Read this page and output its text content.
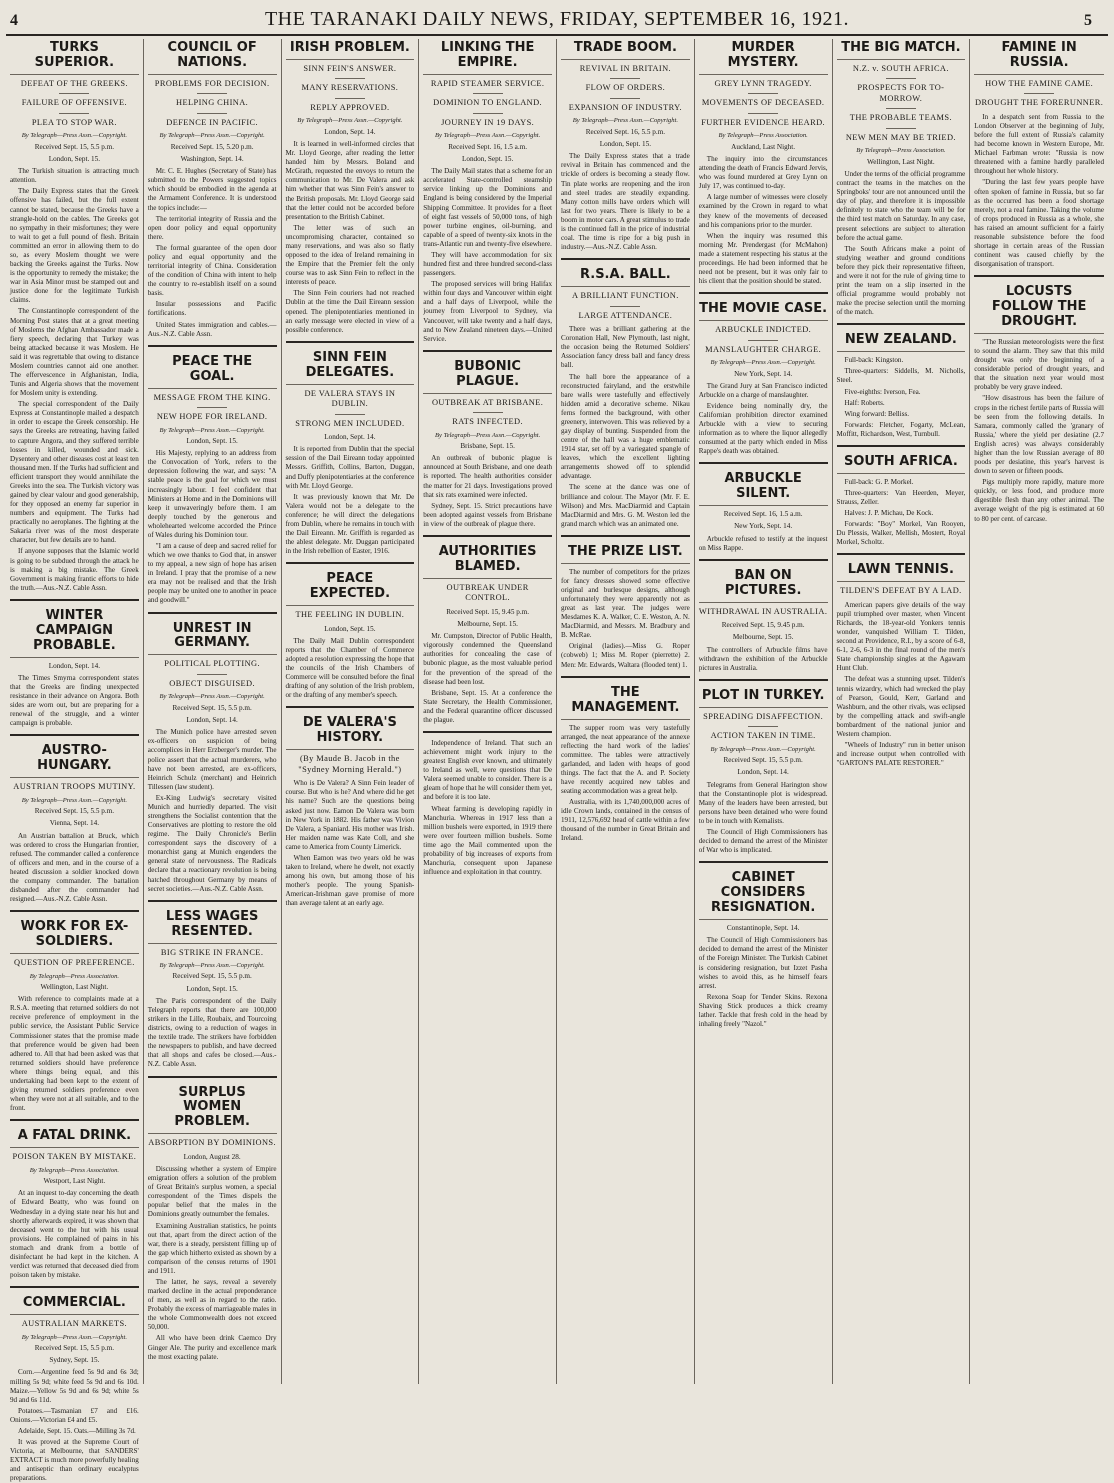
4	THE TARANAKI DAILY NEWS, FRIDAY, SEPTEMBER 16, 1921.	5
TURKS SUPERIOR.
DEFEAT OF THE GREEKS.
FAILURE OF OFFENSIVE.
PLEA TO STOP WAR.
By Telegraph—Press Assn.—Copyright.
Received Sept. 15, 5.5 p.m.
London, Sept. 15.

The Turkish situation is attracting much attention.

The Daily Express states that the Greek offensive has failed, but the full extent cannot be stated, because the Greeks have a strangle-hold on the cables. The Greeks got no sympathy in their misfortunes; they were to wait to get a full pound of flesh. Britain committed an error in allowing them to do so, as every Moslem thought we were backing the Greeks against the Turks. Now is the opportunity to remedy the mistake; the war in Asia Minor must be stamped out and justice done for the legitimate Turkish claims.

The Constantinople correspondent of the Morning Post states that at a great meeting of Moslems the Afghan Ambassador made a fiery speech, declaring that Turkey was being attacked because it was Moslem. He said it was regrettable that owing to distance Moslem countries cannot aid one another. The effervescence in Afghanistan, India, Tunis and Algeria shows that the movement for Moslem unity is extending.

The special correspondent of the Daily Express at Constantinople mailed a despatch in order to escape the Greek censorship. He says the Greeks are retreating, having failed to capture Angora, and they suffered terrible losses in killed, wounded and sick. Dysentery and other diseases cost at least ten thousand men. If the Turks had sufficient and efficient transport they would annihilate the Greeks into the sea. The Turkish victory was gained by clear valour and good generalship, for they opposed an enemy far superior in numbers and equipment. The Turks had practically no aeroplanes. The fighting at the Sakaria river was of the most desperate character, but few details are to hand.

If anyone supposes that the Islamic world is going to be subdued through the attack he is making a big mistake. The Greek Government is making frantic efforts to hide the truth.—Aus.-N.Z. Cable Assn.

WINTER CAMPAIGN PROBABLE.
London, Sept. 14.

The Times Smyrna correspondent states that the Greeks are finding unexpected resistance in their advance on Angora. Both sides are worn out, but are preparing for a renewal of the struggle, and a winter campaign is probable.

AUSTRO-HUNGARY.
AUSTRIAN TROOPS MUTINY.
By Telegraph—Press Assn.—Copyright.
Received Sept. 15, 5.5 p.m.
Vienna, Sept. 14.

An Austrian battalion at Bruck, which was ordered to cross the Hungarian frontier, refused. The commander called a conference of officers and men, and in the course of a heated discussion a soldier knocked down the company commander. The battalion disbanded after the commander had resigned.—Aus.-N.Z. Cable Assn.

WORK FOR EX-SOLDIERS.
QUESTION OF PREFERENCE.
By Telegraph—Press Association.
Wellington, Last Night.

With reference to complaints made at a R.S.A. meeting that returned soldiers do not receive preference of employment in the public service, the Assistant Public Service Commissioner states that the promise made that preference would be given had been adhered to. All that had been asked was that returned soldiers should have preference where things being equal, and this undertaking had been kept to the extent of giving returned soldiers preference even when they were not at all suitable, and to the front.

A FATAL DRINK.
POISON TAKEN BY MISTAKE.
By Telegraph—Press Association.
Westport, Last Night.

At an inquest to-day concerning the death of Edward Beatty, who was found on Wednesday in a dying state near his hut and shortly afterwards expired, it was shown that deceased went to the hut with his usual provisions. He complained of pains in his stomach and drank from a bottle of disinfectant he had kept in the kitchen. A verdict was returned that deceased died from poison taken by mistake.

COMMERCIAL.
AUSTRALIAN MARKETS.
By Telegraph—Press Assn.—Copyright.
Received Sept. 15, 5.5 p.m.
Sydney, Sept. 15.

Corn.—Argentine feed 5s 9d and 6s 3d; milling 5s 9d; white feed 5s 9d and 6s 10d. Maize.—Yellow 5s 9d and 6s 9d; white 5s 9d and 6s 11d.

Potatoes.—Tasmanian £7 and £16. Onions.—Victorian £4 and £5.

Adelaide, Sept. 15. Oats.—Milling 3s 7d.

It was proved at the Supreme Court of Victoria, at Melbourne, that SANDERS' EXTRACT is much more powerfully healing and antiseptic than ordinary eucalyptus preparations.

COUNCIL OF NATIONS.
PROBLEMS FOR DECISION.
HELPING CHINA.
DEFENCE IN PACIFIC.
By Telegraph—Press Assn.—Copyright.
Received Sept. 15, 5.20 p.m.
Washington, Sept. 14.

Mr. C. E. Hughes (Secretary of State) has submitted to the Powers suggested topics which should be embodied in the agenda at the Armament Conference. It is understood the topics include:—

The territorial integrity of Russia and the open door policy and equal opportunity there.

The formal guarantee of the open door policy and equal opportunity and the territorial integrity of China. Consideration of the condition of China with intent to help the country to re-establish itself on a sound basis.

Insular possessions and Pacific fortifications.

United States immigration and cables.—Aus.-N.Z. Cable Assn.

PEACE THE GOAL.
MESSAGE FROM THE KING.
NEW HOPE FOR IRELAND.
By Telegraph—Press Assn.—Copyright.
London, Sept. 15.

His Majesty, replying to an address from the Convocation of York, refers to the depression following the war, and says: "A stable peace is the goal for which we must increasingly labour. I feel confident that Ministers at Home and in the Dominions will keep it unwaveringly before them. I am deeply touched by the generous and wholehearted welcome accorded the Prince of Wales during his Dominion tour.

"I am a cause of deep and sacred relief for which we owe thanks to God that, in answer to my appeal, a new sign of hope has arisen in Ireland. I pray that the promise of a new era may not be realised and that the Irish people may be united one to another in peace and goodwill."

UNREST IN GERMANY.
POLITICAL PLOTTING.
OBJECT DISGUISED.
By Telegraph—Press Assn.—Copyright.
Received Sept. 15, 5.5 p.m.
London, Sept. 14.

The Munich police have arrested seven ex-officers on suspicion of being accomplices in Herr Erzberger's murder. The police assert that the actual murderers, who have not been arrested, are ex-officers, Heinrich Schulz (merchant) and Heinrich Tillessen (law student).

Ex-King Ludwig's secretary visited Munich and hurriedly departed. The visit strengthens the Socialist contention that the Conservatives are plotting to restore the old regime. The Daily Chronicle's Berlin correspondent says the discovery of a monarchist gang at Munich engenders the general state of nervousness. The Radicals declare that a reactionary revolution is being hatched throughout Germany by means of secret societies.—Aus.-N.Z. Cable Assn.

LESS WAGES RESENTED.
BIG STRIKE IN FRANCE.
By Telegraph—Press Assn.—Copyright.
Received Sept. 15, 5.5 p.m.
London, Sept. 15.

The Paris correspondent of the Daily Telegraph reports that there are 100,000 strikers in the Lille, Roubaix, and Tourcoing districts, owing to a reduction of wages in the textile trade. The strikers have forbidden the newspapers to publish, and have decreed that all shops and cafes be closed.—Aus.-N.Z. Cable Assn.

SURPLUS WOMEN PROBLEM.
ABSORPTION BY DOMINIONS.
London, August 28.

Discussing whether a system of Empire emigration offers a solution of the problem of Great Britain's surplus women, a special correspondent of the Times dispels the popular belief that the males in the Dominions greatly outnumber the females.

Examining Australian statistics, he points out that, apart from the direct action of the war, there is a steady, persistent filling up of the gap which hitherto existed as shown by a comparison of the census returns of 1901 and 1911.

The latter, he says, reveal a severely marked decline in the actual preponderance of men, as well as in regard to the ratio. Probably the excess of marriageable males in the whole Commonwealth does not exceed 50,000.

All who have been drink Caemco Dry Ginger Ale. The purity and excellence mark the most exacting palate.

IRISH PROBLEM.
SINN FEIN'S ANSWER.
MANY RESERVATIONS.
REPLY APPROVED.
By Telegraph—Press Assn.—Copyright.
London, Sept. 14.

It is learned in well-informed circles that Mr. Lloyd George, after reading the letter handed him by Messrs. Boland and McGrath, requested the envoys to return the communication to Mr. De Valera and ask him whether that was Sinn Fein's answer to the British proposals. Mr. Lloyd George said that the letter could not be accorded before presentation to the British Cabinet.

The letter was of such an uncompromising character, contained so many reservations, and was also so flatly opposed to the idea of Ireland remaining in the Empire that the Premier felt the only course was to ask Sinn Fein to reflect in the interests of peace.

The Sinn Fein couriers had not reached Dublin at the time the Dail Eireann session opened. The plenipotentiaries mentioned in an early message were elected in view of a possible conference.

SINN FEIN DELEGATES.
DE VALERA STAYS IN DUBLIN.
STRONG MEN INCLUDED.
London, Sept. 14.

It is reported from Dublin that the special session of the Dail Eireann today appointed Messrs. Griffith, Collins, Barton, Duggan, and Duffy plenipotentiaries at the conference with Mr. Lloyd George.

It was previously known that Mr. De Valera would not be a delegate to the conference; he will direct the delegations from Dublin, where he remains in touch with the Dail Eireann. Mr. Griffith is regarded as the ablest delegate. Mr. Duggan participated in the Irish rebellion of Easter, 1916.

PEACE EXPECTED.
THE FEELING IN DUBLIN.
London, Sept. 15.

The Daily Mail Dublin correspondent reports that the Chamber of Commerce adopted a resolution expressing the hope that the councils of the Irish Chambers of Commerce will be consulted before the final drafting of any solution of the Irish problem, or the drafting of any member's speech.

DE VALERA'S HISTORY.
(By Maude B. Jacob in the "Sydney Morning Herald.")

Who is De Valera? A Sinn Fein leader of course. But who is he? And where did he get his name? Such are the questions being asked just now. Eamon De Valera was born in New York in 1882. His father was Vivion De Valera, a Spaniard. His mother was Irish. Her maiden name was Kate Coll, and she came to America from County Limerick.

When Eamon was two years old he was taken to Ireland, where he dwelt, not exactly among his own, but among those of his mother's people. The young Spanish-American-Irishman gave promise of more than average talent at an early age.

LINKING THE EMPIRE.
RAPID STEAMER SERVICE.
DOMINION TO ENGLAND.
JOURNEY IN 19 DAYS.
By Telegraph—Press Assn.—Copyright.
Received Sept. 16, 1.5 a.m.
London, Sept. 15.

The Daily Mail states that a scheme for an accelerated State-controlled steamship service linking up the Dominions and England is being considered by the Imperial Shipping Committee. It provides for a fleet of eight fast vessels of 50,000 tons, of high power turbine engines, oil-burning, and capable of a speed of twenty-six knots in the trans-Atlantic run and twenty-five elsewhere.

They will have accommodation for six hundred first and three hundred second-class passengers.

The proposed services will bring Halifax within four days and Vancouver within eight and a half days of Liverpool, while the journey from Liverpool to Sydney, via Vancouver, will take twenty and a half days, and to New Zealand nineteen days.—United Service.

BUBONIC PLAGUE.
OUTBREAK AT BRISBANE.
RATS INFECTED.
By Telegraph—Press Assn.—Copyright.
Brisbane, Sept. 15.

An outbreak of bubonic plague is announced at South Brisbane, and one death is reported. The health authorities consider the matter for 21 days. Investigations proved that six rats examined were infected.

Sydney, Sept. 15. Strict precautions have been adopted against vessels from Brisbane in view of the outbreak of plague there.

AUTHORITIES BLAMED.
OUTBREAK UNDER CONTROL.
Received Sept. 15, 9.45 p.m.
Melbourne, Sept. 15.

Mr. Cumpston, Director of Public Health, vigorously condemned the Queensland authorities for concealing the case of bubonic plague, as the most valuable period for the prevention of the spread of the disease had been lost.

Brisbane, Sept. 15. At a conference the State Secretary, the Health Commissioner, and the Federal quarantine officer discussed the plague.

Independence of Ireland. That such an achievement might work injury to the greatest English ever known, and ultimately to Ireland as well, were questions that De Valera seemed unable to consider. There is a gleam of hope that he will consider them yet, and before it is too late.

Wheat farming is developing rapidly in Manchuria. Whereas in 1917 less than a million bushels were exported, in 1919 there were over fourteen million bushels. Some time ago the Mail commented upon the probability of big increases of exports from Manchuria, consequent upon Japanese influence and exploitation in that country.

TRADE BOOM.
REVIVAL IN BRITAIN.
FLOW OF ORDERS.
EXPANSION OF INDUSTRY.
By Telegraph—Press Assn.—Copyright.
Received Sept. 16, 5.5 p.m.
London, Sept. 15.

The Daily Express states that a trade revival in Britain has commenced and the trickle of orders is becoming a steady flow. Tin plate works are reopening and the iron and steel trades are steadily expanding. Many cotton mills have orders which will last for two years. There is likely to be a boom in motor cars. A great stimulus to trade is the continued fall in the price of industrial coal. The time is ripe for a big push in industry.—Aus.-N.Z. Cable Assn.

R.S.A. BALL.
A BRILLIANT FUNCTION.
LARGE ATTENDANCE.

There was a brilliant gathering at the Coronation Hall, New Plymouth, last night, the occasion being the Returned Soldiers' Association fancy dress ball and fancy dress ball.

The hall bore the appearance of a reconstructed fairyland, and the erstwhile bare walls were tastefully and effectively hidden amid a decorative scheme. Nikau ferns formed the background, with other greenery, interwoven. This was relieved by a gay display of bunting. Suspended from the centre of the hall was a huge emblematic 1914 star, set off by a variegated spangle of leaves, which the excellent lighting arrangements showed off to splendid advantage.

The scene at the dance was one of brilliance and colour. The Mayor (Mr. F. E. Wilson) and Mrs. MacDiarmid and Captain MacDiarmid and Mrs. G. M. Weston led the grand march which was an animated one.

THE PRIZE LIST.

The number of competitors for the prizes for fancy dresses showed some effective original and burlesque designs, although unfortunately they were apparently not as great as last year. The judges were Mesdames K. A. Walker, C. E. Weston, A. N. MacDiarmid, and Messrs. M. Bradbury and B. McRae.

Original (ladies).—Miss G. Roper (cobweb) 1; Miss M. Roper (pierrette) 2. Men: Mr. Edwards, Waltara (flooded tent) 1.

THE MANAGEMENT.

The supper room was very tastefully arranged, the neat appearance of the annexe reflecting the hard work of the ladies' committee. The tables were attractively garlanded, and laden with heaps of good things. The fact that the A. and P. Society have recently acquired new tables and seating accommodation was a great help.

Australia, with its 1,740,000,000 acres of idle Crown lands, contained in the census of 1911, 12,576,692 head of cattle within a few thousand of the number in Great Britain and Ireland.

MURDER MYSTERY.
GREY LYNN TRAGEDY.
MOVEMENTS OF DECEASED.
FURTHER EVIDENCE HEARD.
By Telegraph—Press Association.
Auckland, Last Night.

The inquiry into the circumstances attending the death of Francis Edward Jervis, who was found murdered at Grey Lynn on July 17, was continued to-day.

A large number of witnesses were closely examined by the Crown in regard to what they knew of the movements of deceased and his companions prior to the murder.

When the inquiry was resumed this morning Mr. Prendergast (for McMahon) made a statement respecting his status at the proceedings. He had been informed that he need not be present, but it was only fair to his client that the position should be stated.

THE MOVIE CASE.
ARBUCKLE INDICTED.
MANSLAUGHTER CHARGE.
By Telegraph—Press Assn.—Copyright.
New York, Sept. 14.

The Grand Jury at San Francisco indicted Arbuckle on a charge of manslaughter.

Evidence being nominally dry, the Californian prohibition director examined Arbuckle with a view to securing information as to where the liquor allegedly consumed at the party which ended in Miss Rappe's death was obtained.

ARBUCKLE SILENT.
Received Sept. 16, 1.5 a.m.
New York, Sept. 14.

Arbuckle refused to testify at the inquest on Miss Rappe.

BAN ON PICTURES.
WITHDRAWAL IN AUSTRALIA.
Received Sept. 15, 9.45 p.m.
Melbourne, Sept. 15.

The controllers of Arbuckle films have withdrawn the exhibition of the Arbuckle pictures in Australia.

PLOT IN TURKEY.
SPREADING DISAFFECTION.
ACTION TAKEN IN TIME.
By Telegraph—Press Assn.—Copyright.
Received Sept. 15, 5.5 p.m.
London, Sept. 14.

Telegrams from General Harington show that the Constantinople plot is widespread. Many of the leaders have been arrested, but persons have been detained who were found to be in touch with Kemalists.

The Council of High Commissioners has decided to demand the arrest of the Minister of War who is implicated.

CABINET CONSIDERS RESIGNATION.
Constantinople, Sept. 14.

The Council of High Commissioners has decided to demand the arrest of the Minister of the Foreign Minister. The Turkish Cabinet is considering resignation, but Izzet Pasha wishes to avoid this, as he himself fears arrest.

Rexona Soap for Tender Skins. Rexona Shaving Stick produces a thick creamy lather. Tackle that fresh cold in the head by inhaling freely "Nazol."

THE BIG MATCH.
N.Z. v. SOUTH AFRICA.
PROSPECTS FOR TO-MORROW.
THE PROBABLE TEAMS.
NEW MEN MAY BE TRIED.
By Telegraph—Press Association.
Wellington, Last Night.

Under the terms of the official programme contract the teams in the matches on the Springboks' tour are not announced until the day of play, and therefore it is impossible definitely to state who the team will be for the third test match on Saturday. In any case, present selections are subject to alteration before the actual game.

The South Africans make a point of studying weather and ground conditions before they pick their representative fifteen, and were it not for the rule of giving time to print the team on a slip inserted in the official programme would probably not make the precise selection until the morning of the match.

NEW ZEALAND.

Full-back: Kingston.

Three-quarters: Siddells, M. Nicholls, Steel.

Five-eighths: Iverson, Fea.

Half: Roberts.

Wing forward: Belliss.

Forwards: Fletcher, Fogarty, McLean, Moffitt, Richardson, West, Turnbull.

SOUTH AFRICA.

Full-back: G. P. Morkel.

Three-quarters: Van Heerden, Meyer, Strauss, Zeller.

Halves: J. P. Michau, De Kock.

Forwards: "Boy" Morkel, Van Rooyen, Du Plessis, Walker, Mellish, Mostert, Royal Morkel, Scholtz.

LAWN TENNIS.
TILDEN'S DEFEAT BY A LAD.

American papers give details of the way pupil triumphed over master, when Vincent Richards, the 18-year-old Yonkers tennis wonder, vanquished William T. Tilden, second at Providence, R.I., by a score of 6-8, 6-1, 2-6, 6-3 in the final round of the men's State championship singles at the Agawam Hunt Club.

The defeat was a stunning upset. Tilden's tennis wizardry, which had wrecked the play of Pearson, Gould, Kerr, Garland and Washburn, and the other rivals, was eclipsed by the compelling attack and swift-angle bombardment of the national junior and Western champion.

"Wheels of Industry" run in better unison and increase output when controlled with "GARTON'S PALATE RESTORER."

FAMINE IN RUSSIA.
HOW THE FAMINE CAME.
DROUGHT THE FORERUNNER.

In a despatch sent from Russia to the London Observer at the beginning of July, before the full extent of Russia's calamity had become known in Western Europe, Mr. Michael Farbman wrote: "Russia is now threatened with a famine hardly paralleled throughout her whole history.

"During the last few years people have often spoken of famine in Russia, but so far as the occurred has been a food shortage merely, not a real famine. Taking the volume of crops produced in Russia as a whole, she has raised an amount sufficient for a fairly reasonable subsistence before the food shortage in certain areas of the Russian continent was caused chiefly by the disorganisation of transport.

LOCUSTS FOLLOW THE DROUGHT.

"The Russian meteorologists were the first to sound the alarm. They saw that this mild drought was only the beginning of a considerable period of drought years, and that the situation next year would most probably be very grave indeed.

"How disastrous has been the failure of crops in the richest fertile parts of Russia will be seen from the following details. In Samara, commonly called the 'granary of Russia,' where the yield per desiatine (2.7 English acres) was always considerably higher than the low Russian average of 80 poods per desiatine, this year's harvest is down to seven or fifteen poods.

Pigs multiply more rapidly, mature more quickly, or less food, and produce more digestible flesh than any other animal. The average weight of the pig is estimated at 60 to 80 per cent. of carcase.
